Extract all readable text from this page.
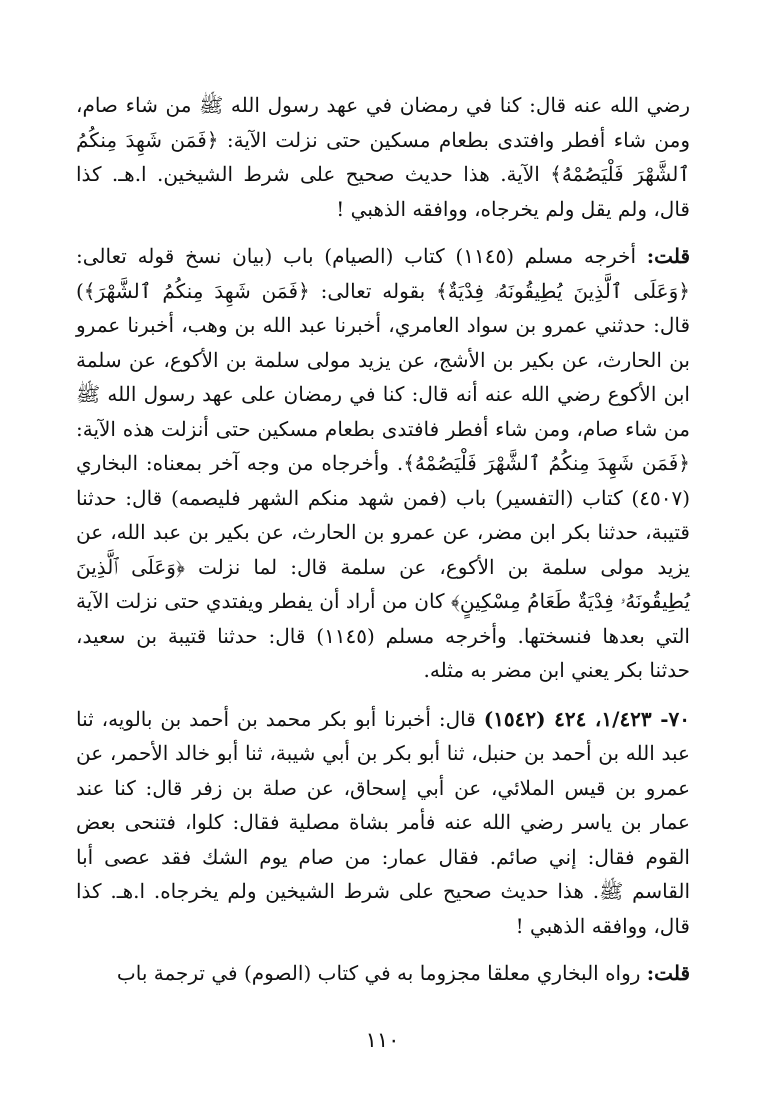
رضي الله عنه قال: كنا في رمضان في عهد رسول الله ﷺ من شاء صام، ومن شاء أفطر وافتدى بطعام مسكين حتى نزلت الآية: ﴿فَمَن شَهِدَ مِنكُمُ ٱلشَّهْرَ فَلْيَصُمْهُ﴾ الآية. هذا حديث صحيح على شرط الشيخين. ا.هـ. كذا قال، ولم يقل ولم يخرجاه، ووافقه الذهبي !

قلت: أخرجه مسلم (١١٤٥) كتاب (الصيام) باب (بيان نسخ قوله تعالى: ﴿وَعَلَى ٱلَّذِينَ يُطِيقُونَهُۥ فِدْيَةٌ﴾ بقوله تعالى: ﴿فَمَن شَهِدَ مِنكُمُ ٱلشَّهْرَ﴾) قال: حدثني عمرو بن سواد العامري، أخبرنا عبد الله بن وهب، أخبرنا عمرو بن الحارث، عن بكير بن الأشج، عن يزيد مولى سلمة بن الأكوع، عن سلمة ابن الأكوع رضي الله عنه أنه قال: كنا في رمضان على عهد رسول الله ﷺ من شاء صام، ومن شاء أفطر فافتدى بطعام مسكين حتى أنزلت هذه الآية: ﴿فَمَن شَهِدَ مِنكُمُ ٱلشَّهْرَ فَلْيَصُمْهُ﴾. وأخرجاه من وجه آخر بمعناه: البخاري (٤٥٠٧) كتاب (التفسير) باب (فمن شهد منكم الشهر فليصمه) قال: حدثنا قتيبة، حدثنا بكر ابن مضر، عن عمرو بن الحارث، عن بكير بن عبد الله، عن يزيد مولى سلمة بن الأكوع، عن سلمة قال: لما نزلت ﴿وَعَلَى ٱلَّذِينَ يُطِيقُونَهُۥ فِدْيَةٌ طَعَامُ مِسْكِينٍ﴾ كان من أراد أن يفطر ويفتدي حتى نزلت الآية التي بعدها فنسختها. وأخرجه مسلم (١١٤٥) قال: حدثنا قتيبة بن سعيد، حدثنا بكر يعني ابن مضر به مثله.

٧٠- ١/٤٢٣، ٤٢٤ (١٥٤٢) قال: أخبرنا أبو بكر محمد بن أحمد بن بالويه، ثنا عبد الله بن أحمد بن حنبل، ثنا أبو بكر بن أبي شيبة، ثنا أبو خالد الأحمر، عن عمرو بن قيس الملائي، عن أبي إسحاق، عن صلة بن زفر قال: كنا عند عمار بن ياسر رضي الله عنه فأمر بشاة مصلية فقال: كلوا، فتنحى بعض القوم فقال: إني صائم. فقال عمار: من صام يوم الشك فقد عصى أبا القاسم ﷺ. هذا حديث صحيح على شرط الشيخين ولم يخرجاه. ا.هـ. كذا قال، ووافقه الذهبي !

قلت: رواه البخاري معلقا مجزوما به في كتاب (الصوم) في ترجمة باب

١١٠
